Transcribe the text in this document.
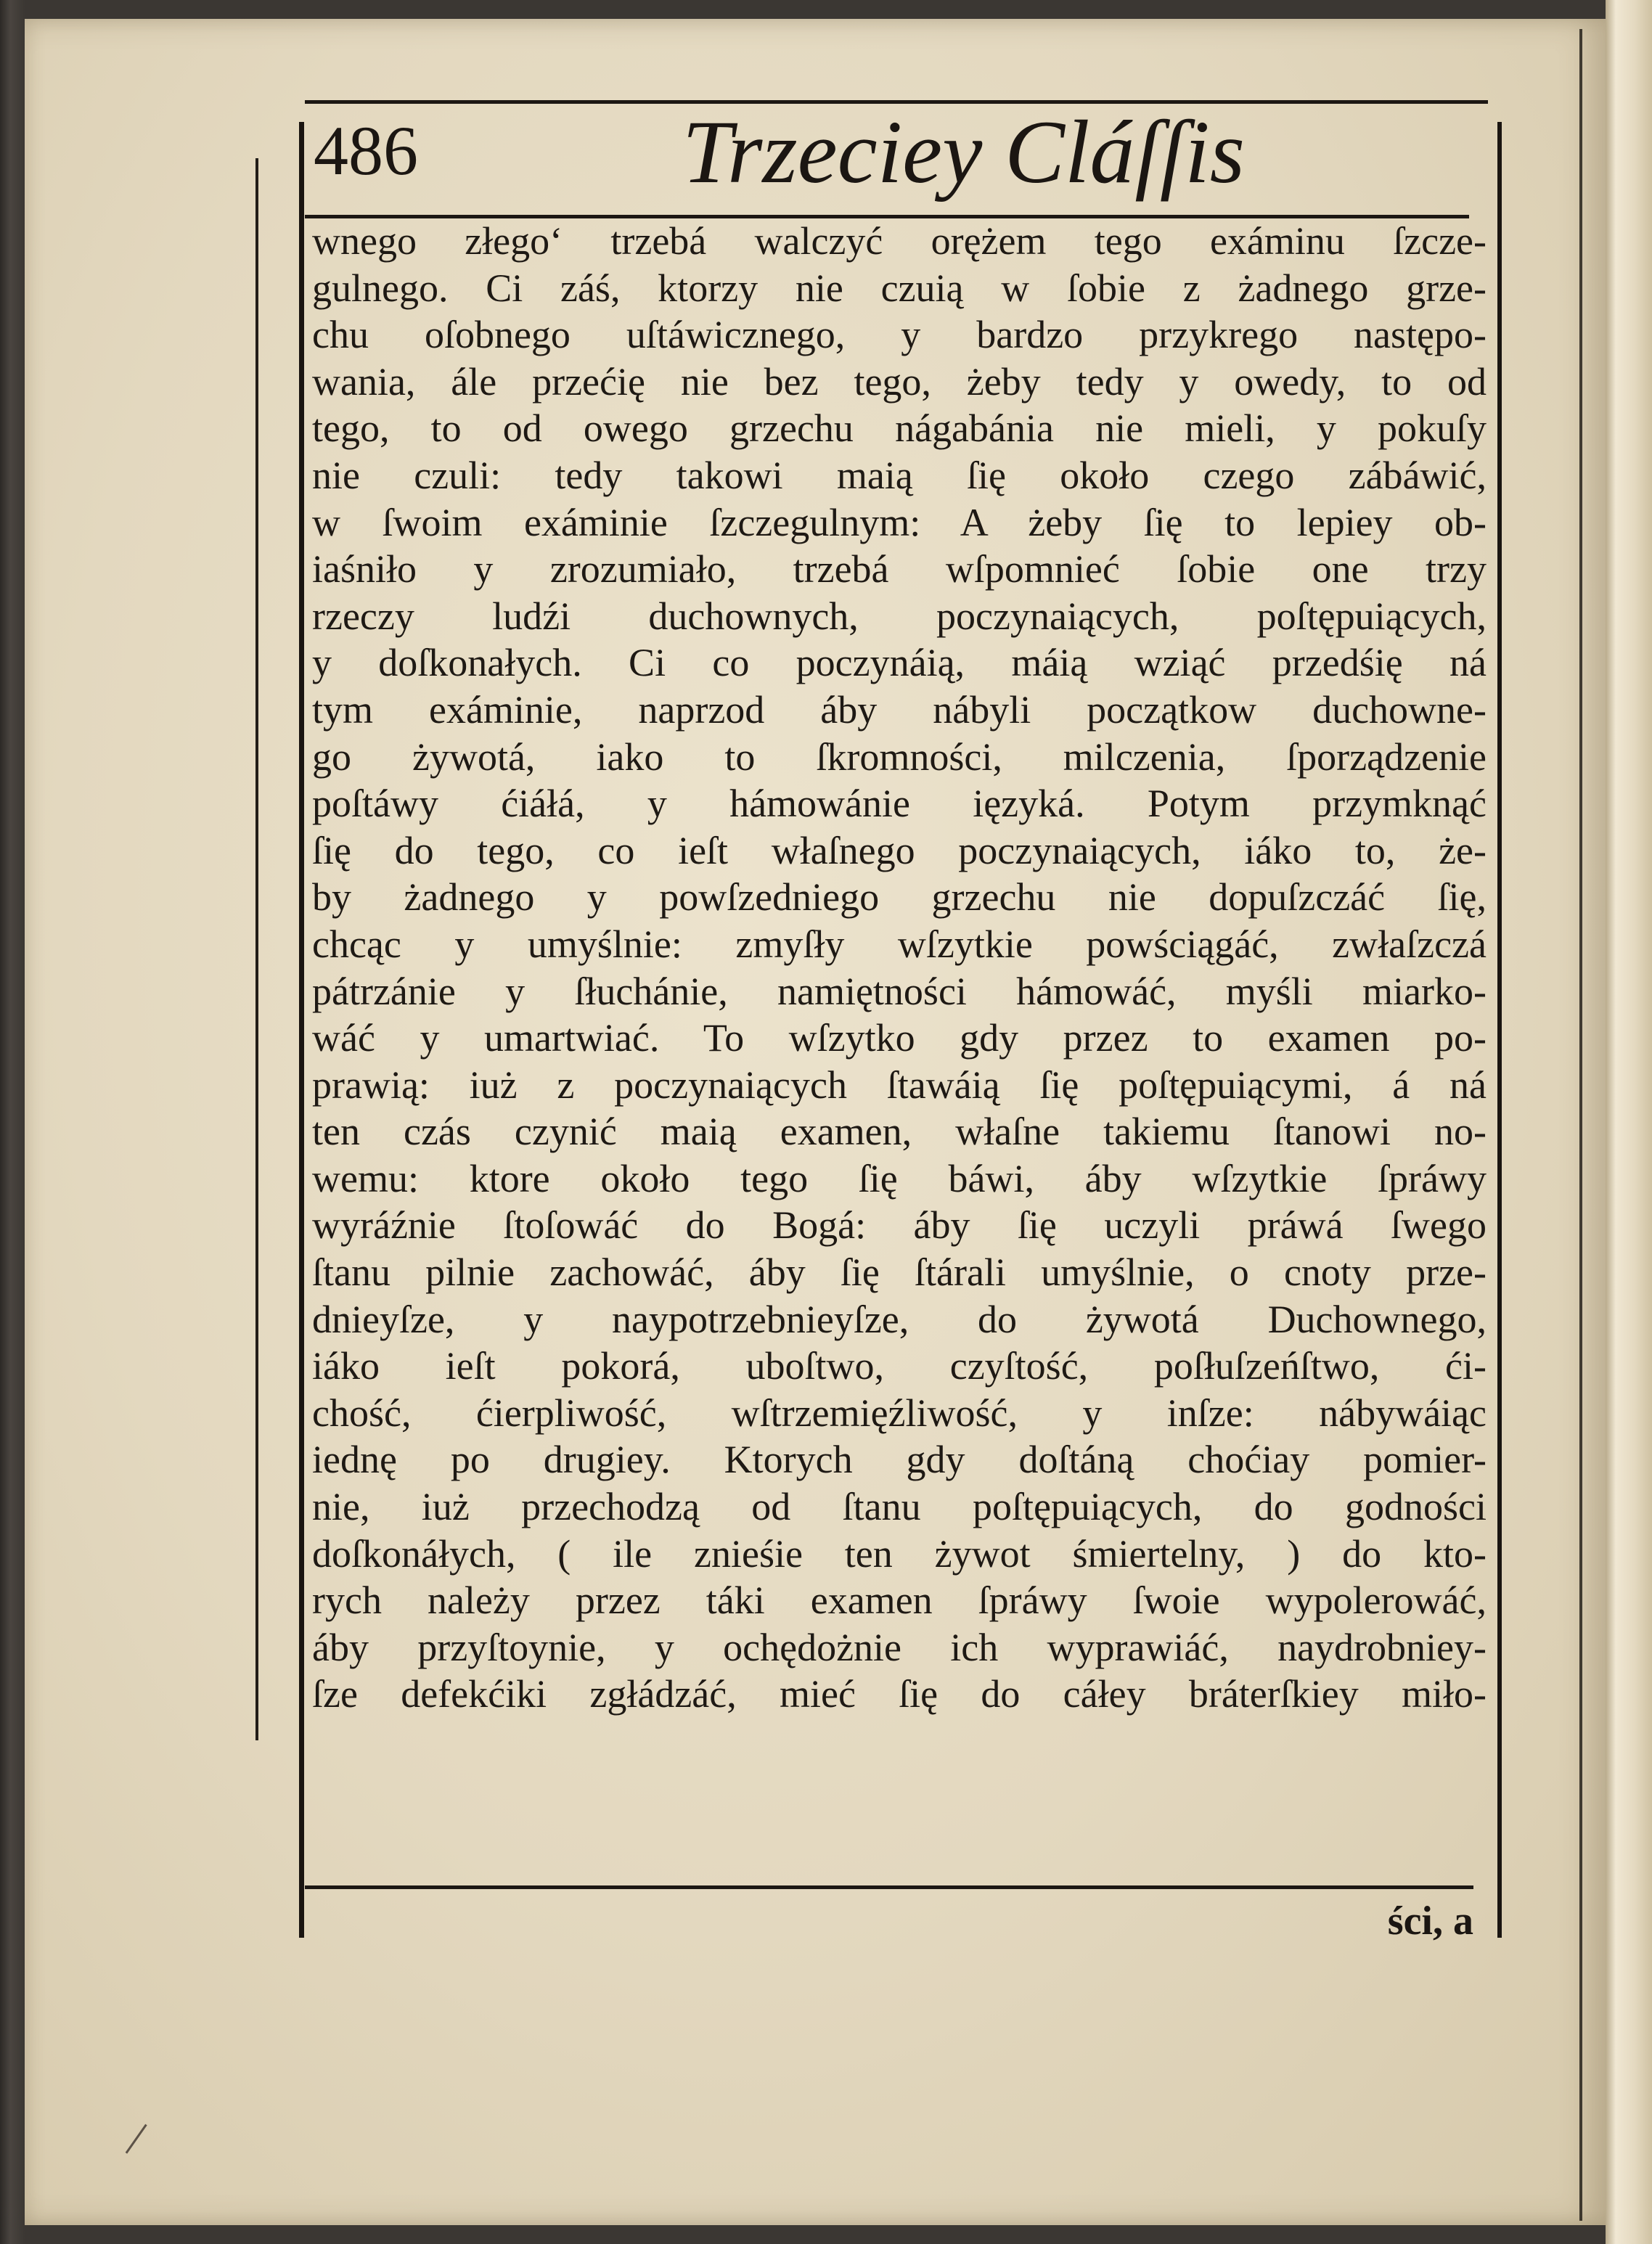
486	Trzeciey Cláſſis
wnego złego‘ trzebá walczyć orężem tego exáminu ſzcze-
gulnego. Ci záś, ktorzy nie czuią w ſobie z żadnego grze-
chu oſobnego uſtáwicznego, y bardzo przykrego następo-
wania, ále przećię nie bez tego, żeby tedy y owedy, to od
tego, to od owego grzechu nágabánia nie mieli, y pokuſy
nie czuli: tedy takowi maią ſię około czego zábáwić,
w ſwoim exáminie ſzczegulnym: A żeby ſię to lepiey ob-
iaśniło y zrozumiało, trzebá wſpomnieć ſobie one trzy
rzeczy ludźi duchownych, poczynaiących, poſtępuiących,
y doſkonałych. Ci co poczynáią, máią wziąć przedśię ná
tym exáminie, naprzod áby nábyli początkow duchowne-
go żywotá, iako to ſkromności, milczenia, ſporządzenie
poſtáwy ćiáłá, y hámowánie ięzyká. Potym przymknąć
ſię do tego, co ieſt właſnego poczynaiących, iáko to, że-
by żadnego y powſzedniego grzechu nie dopuſzczáć ſię,
chcąc y umyślnie: zmyſły wſzytkie powściągáć, zwłaſzczá
pátrzánie y ſłuchánie, namiętności hámowáć, myśli miarko-
wáć y umartwiać. To wſzytko gdy przez to examen po-
prawią: iuż z poczynaiących ſtawáią ſię poſtępuiącymi, á ná
ten czás czynić maią examen, właſne takiemu ſtanowi no-
wemu: ktore około tego ſię báwi, áby wſzytkie ſpráwy
wyráźnie ſtoſowáć do Bogá: áby ſię uczyli práwá ſwego
ſtanu pilnie zachowáć, áby ſię ſtárali umyślnie, o cnoty prze-
dnieyſze, y naypotrzebnieyſze, do żywotá Duchownego,
iáko ieſt pokorá, uboſtwo, czyſtość, poſłuſzeńſtwo, ći-
chość, ćierpliwość, wſtrzemięźliwość, y inſze: nábywáiąc
iednę po drugiey. Ktorych gdy doſtáną choćiay pomier-
nie, iuż przechodzą od ſtanu poſtępuiących, do godności
doſkonáłych, ( ile znieśie ten żywot śmiertelny, ) do kto-
rych należy przez táki examen ſpráwy ſwoie wypolerowáć,
áby przyſtoynie, y ochędożnie ich wyprawiáć, naydrobniey-
ſze defekćiki zgłádzáć, mieć ſię do cáłey bráterſkiey miło-
ści, a
